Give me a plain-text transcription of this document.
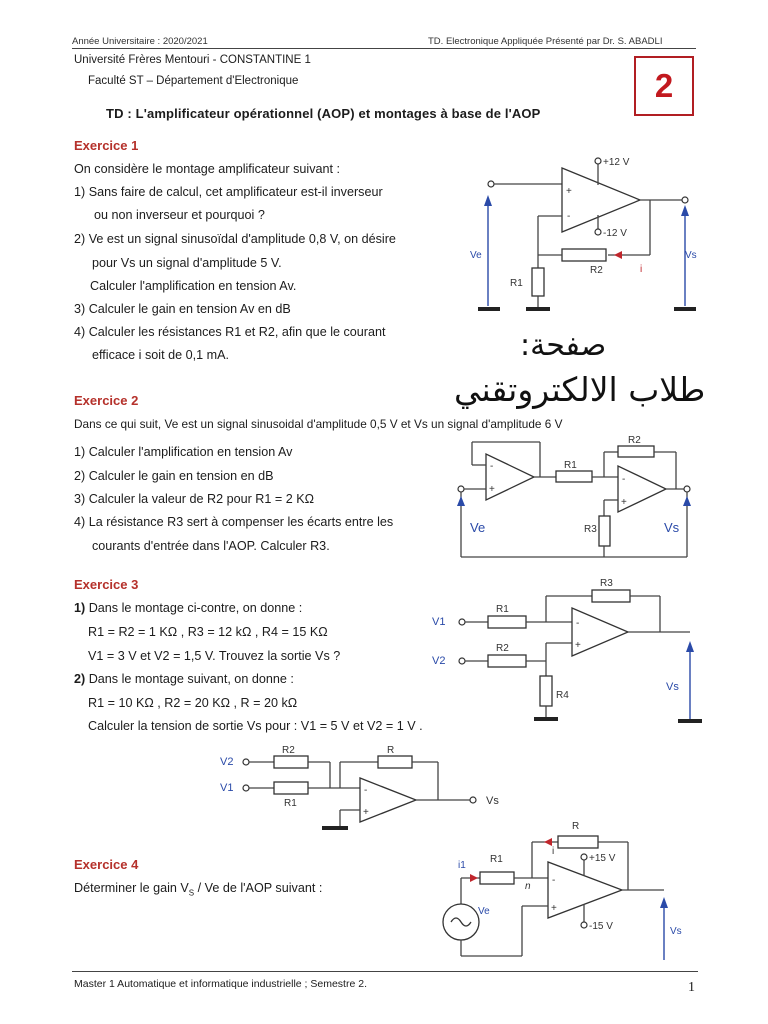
Année Universitaire : 2020/2021	TD. Electronique Appliquée Présenté par Dr. S. ABADLI
Université Frères Mentouri - CONSTANTINE 1
Faculté ST – Département d'Electronique	2
TD : L'amplificateur opérationnel (AOP) et montages à base de l'AOP
Exercice 1
On considère le montage amplificateur suivant :
1) Sans faire de calcul, cet amplificateur est-il inverseur
ou non inverseur et pourquoi ?
2) Ve est un signal sinusoïdal d'amplitude 0,8 V, on désire
pour Vs un signal d'amplitude 5 V.
Calculer l'amplification en tension Av.
3) Calculer le gain en tension Av en dB
4) Calculer les résistances R1 et R2, afin que le courant
efficace i soit de 0,1 mA.
+
-
+12 V
-12 V
i
R2
R1
Ve	Vs
صفحة:
طلاب الالكتروتقني
Exercice 2
Dans ce qui suit, Ve est un signal sinusoidal d'amplitude 0,5 V et Vs un signal d'amplitude 6 V
1) Calculer l'amplification en tension Av
2) Calculer le gain en tension en dB
3) Calculer la valeur de R2 pour R1 = 2 KΩ
4) La résistance R3 sert à compenser les écarts entre les
courants d'entrée dans l'AOP. Calculer R3.
-
+
R1
-
+
R2
R3
Ve	Vs
Exercice 3
1) Dans le montage ci-contre, on donne :
R1 = R2 = 1 KΩ , R3 = 12 kΩ , R4 = 15 KΩ
V1 = 3 V et V2 = 1,5 V. Trouvez la sortie Vs ?
2) Dans le montage suivant, on donne :
R1 = 10 KΩ , R2 = 20 KΩ , R = 20 kΩ
Calculer la tension de sortie Vs pour : V1 = 5 V et V2 = 1 V .
V1
R1
R3
-
+
V2
R2
R4
Vs
V2
R2
V1
R1
R
-
+
Vs
Exercice 4
Déterminer le gain $V_S$ / Ve de l'AOP suivant :
i1
R1
n
i
R
-
+
+15 V
-15 V
Ve
Vs
Master 1 Automatique et informatique industrielle ; Semestre 2.	1
